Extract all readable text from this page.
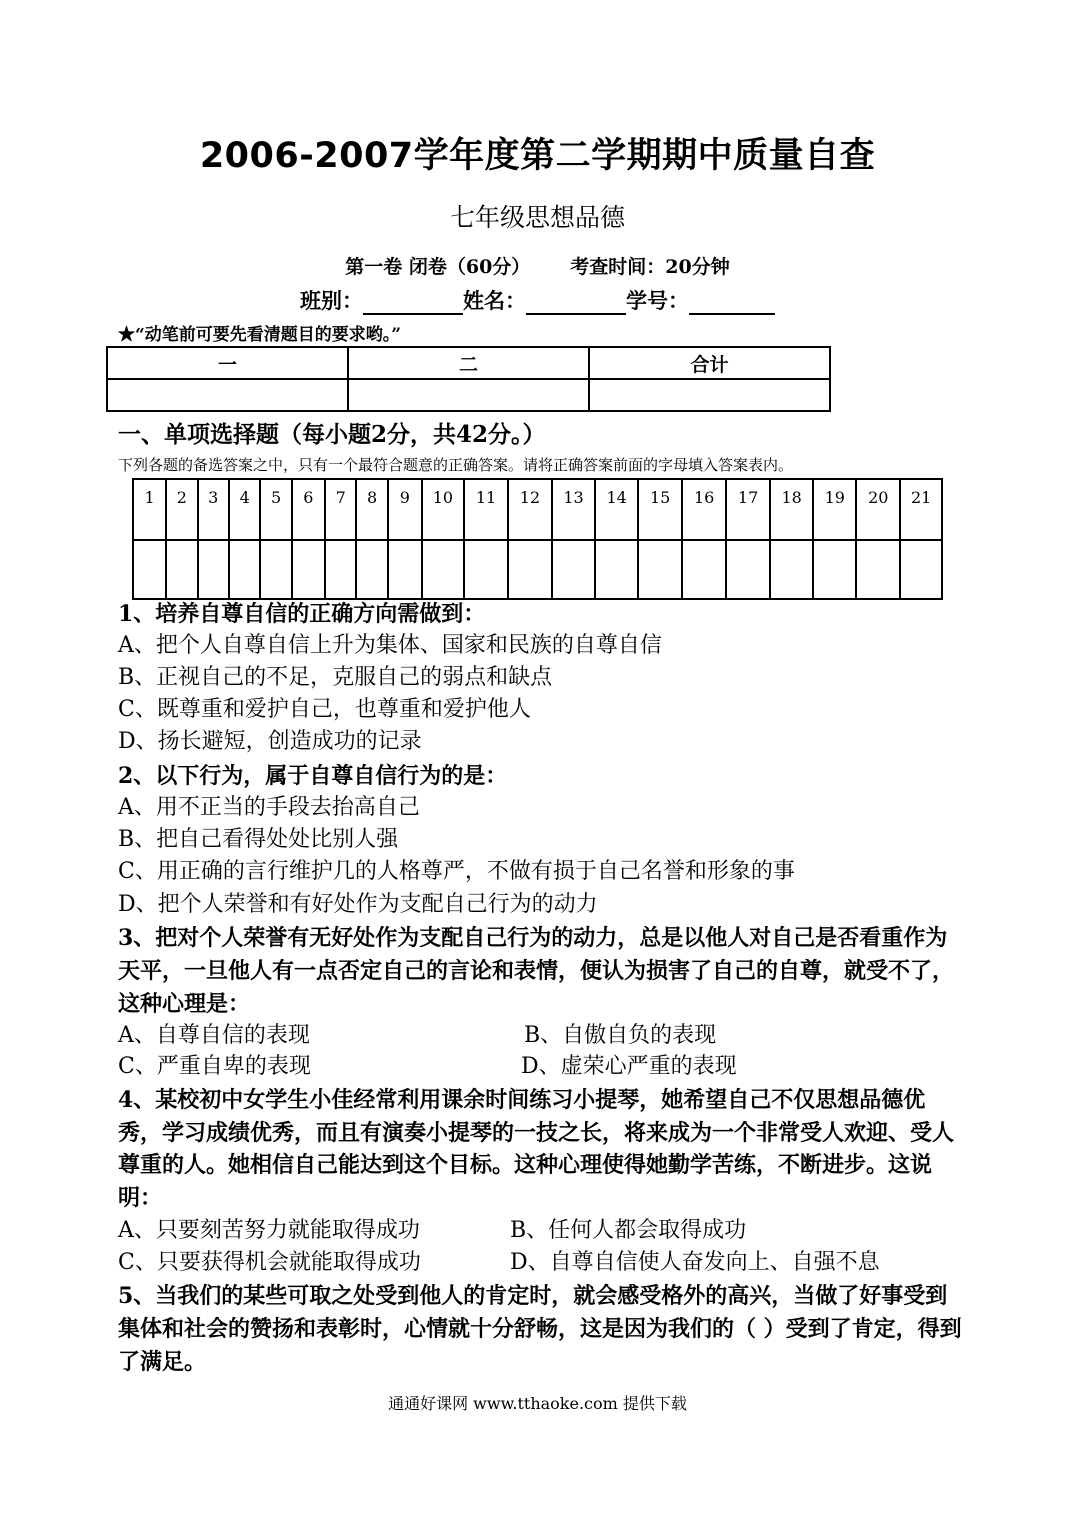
2006-2007学年度第二学期期中质量自查
七年级思想品德
第一卷 闭卷（60分） 考查时间：20分钟
班别：	姓名：	学号：
★“动笔前可要先看清题目的要求哟。”
一	二	合计

一、单项选择题（每小题2分，共42分。）
下列各题的备选答案之中，只有一个最符合题意的正确答案。请将正确答案前面的字母填入答案表内。
1	2	3	4	5	6	7	8	9	10	11	12	13	14	15	16	17	18	19	20	21

1、培养自尊自信的正确方向需做到：
A、把个人自尊自信上升为集体、国家和民族的自尊自信
B、正视自己的不足，克服自己的弱点和缺点
C、既尊重和爱护自己，也尊重和爱护他人
D、扬长避短，创造成功的记录
2、以下行为，属于自尊自信行为的是：
A、用不正当的手段去抬高自己
B、把自己看得处处比别人强
C、用正确的言行维护几的人格尊严，不做有损于自己名誉和形象的事
D、把个人荣誉和有好处作为支配自己行为的动力
3、把对个人荣誉有无好处作为支配自己行为的动力，总是以他人对自己是否看重作为天平，一旦他人有一点否定自己的言论和表情，便认为损害了自己的自尊，就受不了，这种心理是：
A、自尊自信的表现	B、自傲自负的表现
C、严重自卑的表现	D、虚荣心严重的表现
4、某校初中女学生小佳经常利用课余时间练习小提琴，她希望自己不仅思想品德优秀，学习成绩优秀，而且有演奏小提琴的一技之长，将来成为一个非常受人欢迎、受人尊重的人。她相信自己能达到这个目标。这种心理使得她勤学苦练，不断进步。这说明：
A、只要刻苦努力就能取得成功	B、任何人都会取得成功
C、只要获得机会就能取得成功	D、自尊自信使人奋发向上、自强不息
5、当我们的某些可取之处受到他人的肯定时，就会感受格外的高兴，当做了好事受到集体和社会的赞扬和表彰时，心情就十分舒畅，这是因为我们的（ ）受到了肯定，得到了满足。
通通好课网 www.tthaoke.com 提供下载
